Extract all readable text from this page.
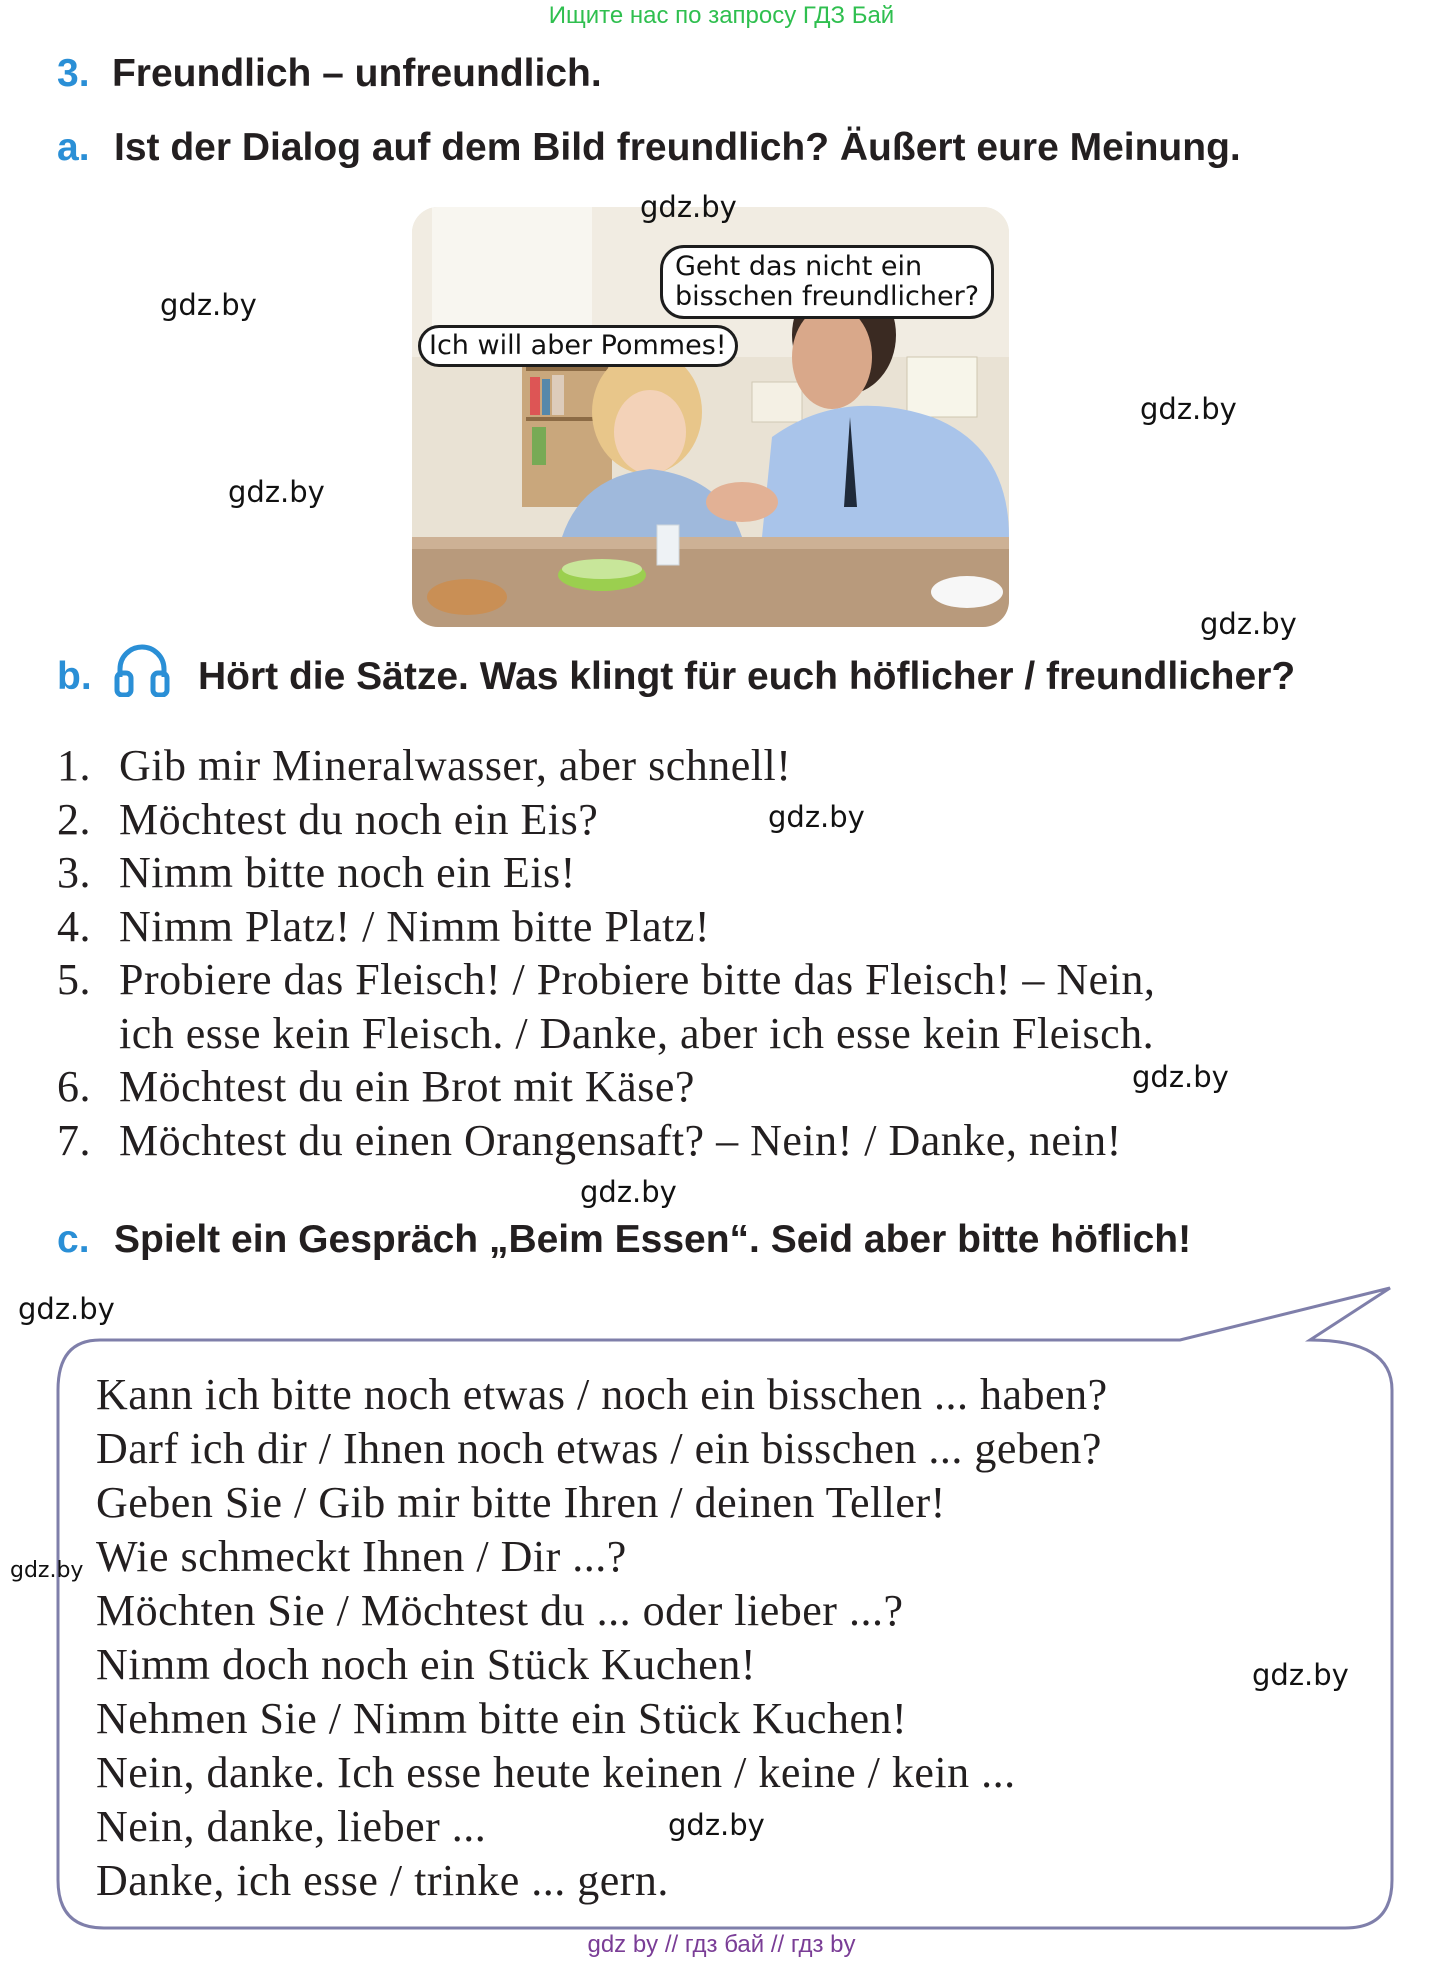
Ищите нас по запросу ГДЗ Бай
3. Freundlich – unfreundlich.
a. Ist der Dialog auf dem Bild freundlich? Äußert eure Meinung.
Geht das nicht ein
bisschen freundlicher?
Ich will aber Pommes!
b.	Hört die Sätze. Was klingt für euch höflicher / freundlicher?
1. Gib mir Mineralwasser, aber schnell!
2. Möchtest du noch ein Eis?
3. Nimm bitte noch ein Eis!
4. Nimm Platz! / Nimm bitte Platz!
5. Probiere das Fleisch! / Probiere bitte das Fleisch! – Nein,
ich esse kein Fleisch. / Danke, aber ich esse kein Fleisch.
6. Möchtest du ein Brot mit Käse?
7. Möchtest du einen Orangensaft? – Nein! / Danke, nein!
c. Spielt ein Gespräch „Beim Essen“. Seid aber bitte höflich!
Kann ich bitte noch etwas / noch ein bisschen ... haben?
Darf ich dir / Ihnen noch etwas / ein bisschen ... geben?
Geben Sie / Gib mir bitte Ihren / deinen Teller!
Wie schmeckt Ihnen / Dir ...?
Möchten Sie / Möchtest du ... oder lieber ...?
Nimm doch noch ein Stück Kuchen!
Nehmen Sie / Nimm bitte ein Stück Kuchen!
Nein, danke. Ich esse heute keinen / keine / kein ...
Nein, danke, lieber ...
Danke, ich esse / trinke ... gern.
gdz.by
gdz.by
gdz.by
gdz.by
gdz.by
gdz.by
gdz.by
gdz.by
gdz.by
gdz.by
gdz.by
gdz.by
gdz by // гдз бай // гдз by
